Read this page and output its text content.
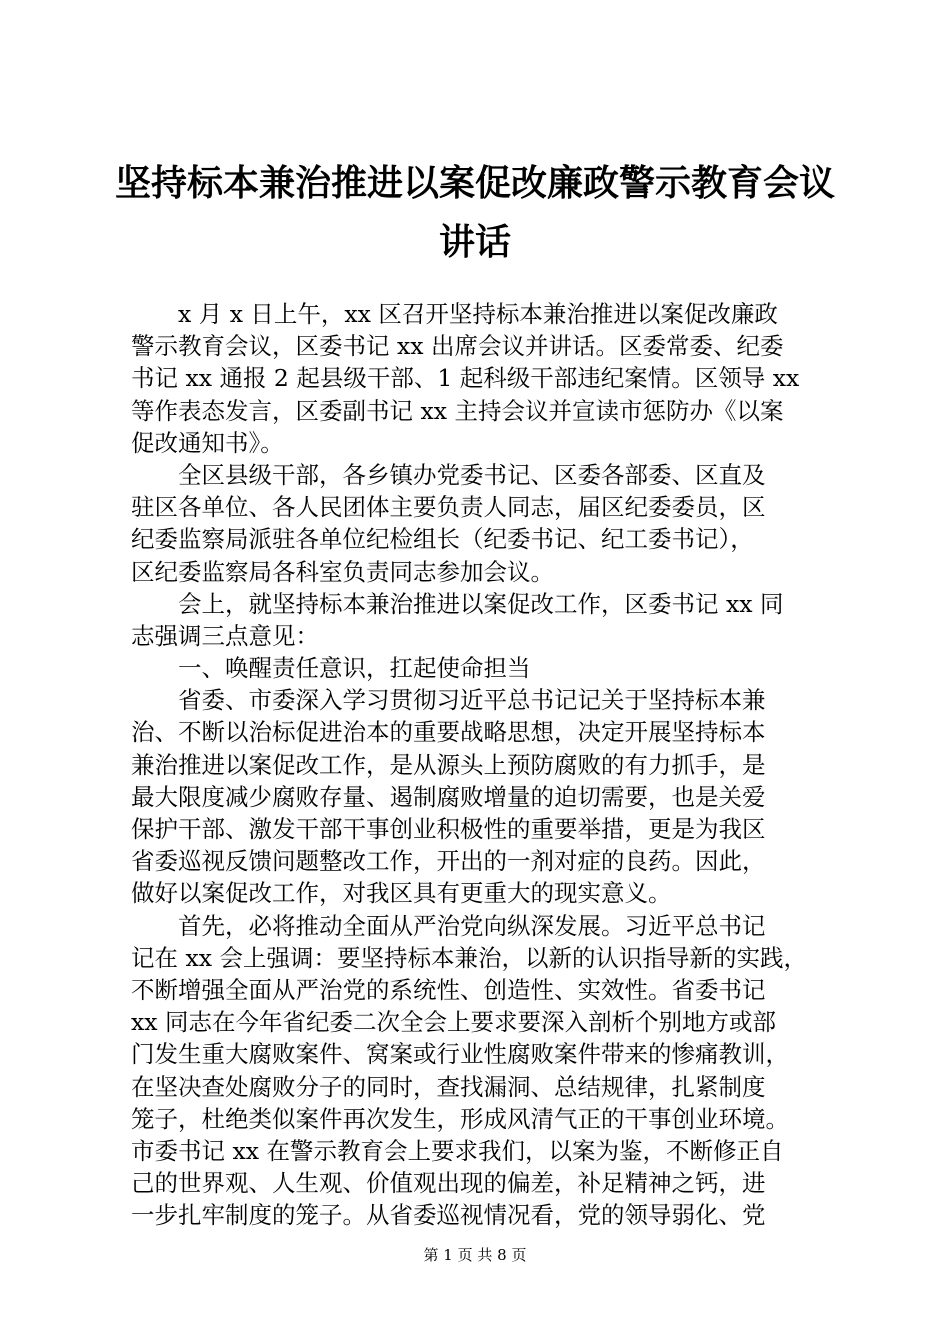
坚持标本兼治推进以案促改廉政警示教育会议
讲话
　　x 月 x 日上午，xx 区召开坚持标本兼治推进以案促改廉政
警示教育会议，区委书记 xx 出席会议并讲话。区委常委、纪委
书记 xx 通报 2 起县级干部、1 起科级干部违纪案情。区领导 xx
等作表态发言，区委副书记 xx 主持会议并宣读市惩防办《以案
促改通知书》。
　　全区县级干部，各乡镇办党委书记、区委各部委、区直及
驻区各单位、各人民团体主要负责人同志，届区纪委委员，区
纪委监察局派驻各单位纪检组长（纪委书记、纪工委书记），
区纪委监察局各科室负责同志参加会议。
　　会上，就坚持标本兼治推进以案促改工作，区委书记 xx 同
志强调三点意见：
　　一、唤醒责任意识，扛起使命担当
　　省委、市委深入学习贯彻习近平总书记记关于坚持标本兼
治、不断以治标促进治本的重要战略思想，决定开展坚持标本
兼治推进以案促改工作，是从源头上预防腐败的有力抓手，是
最大限度减少腐败存量、遏制腐败增量的迫切需要，也是关爱
保护干部、激发干部干事创业积极性的重要举措，更是为我区
省委巡视反馈问题整改工作，开出的一剂对症的良药。因此，
做好以案促改工作，对我区具有更重大的现实意义。
　　首先，必将推动全面从严治党向纵深发展。习近平总书记
记在 xx 会上强调：要坚持标本兼治，以新的认识指导新的实践，
不断增强全面从严治党的系统性、创造性、实效性。省委书记
xx 同志在今年省纪委二次全会上要求要深入剖析个别地方或部
门发生重大腐败案件、窝案或行业性腐败案件带来的惨痛教训，
在坚决查处腐败分子的同时，查找漏洞、总结规律，扎紧制度
笼子，杜绝类似案件再次发生，形成风清气正的干事创业环境。
市委书记 xx 在警示教育会上要求我们，以案为鉴，不断修正自
己的世界观、人生观、价值观出现的偏差，补足精神之钙，进
一步扎牢制度的笼子。从省委巡视情况看，党的领导弱化、党
第 1 页 共 8 页
